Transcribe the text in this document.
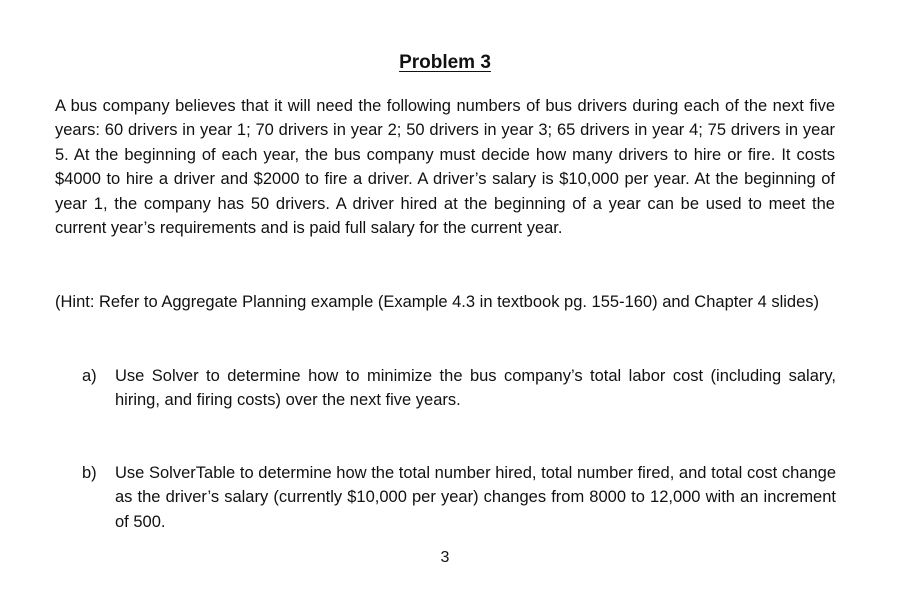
Problem 3

A bus company believes that it will need the following numbers of bus drivers during each of the next five years: 60 drivers in year 1; 70 drivers in year 2; 50 drivers in year 3; 65 drivers in year 4; 75 drivers in year 5. At the beginning of each year, the bus company must decide how many drivers to hire or fire. It costs $4000 to hire a driver and $2000 to fire a driver. A driver’s salary is $10,000 per year. At the beginning of year 1, the company has 50 drivers. A driver hired at the beginning of a year can be used to meet the current year’s requirements and is paid full salary for the current year.

(Hint: Refer to Aggregate Planning example (Example 4.3 in textbook pg. 155-160) and Chapter 4 slides)

a) Use Solver to determine how to minimize the bus company’s total labor cost (including salary, hiring, and firing costs) over the next five years.
b) Use SolverTable to determine how the total number hired, total number fired, and total cost change as the driver’s salary (currently $10,000 per year) changes from 8000 to 12,000 with an increment of 500.
3
